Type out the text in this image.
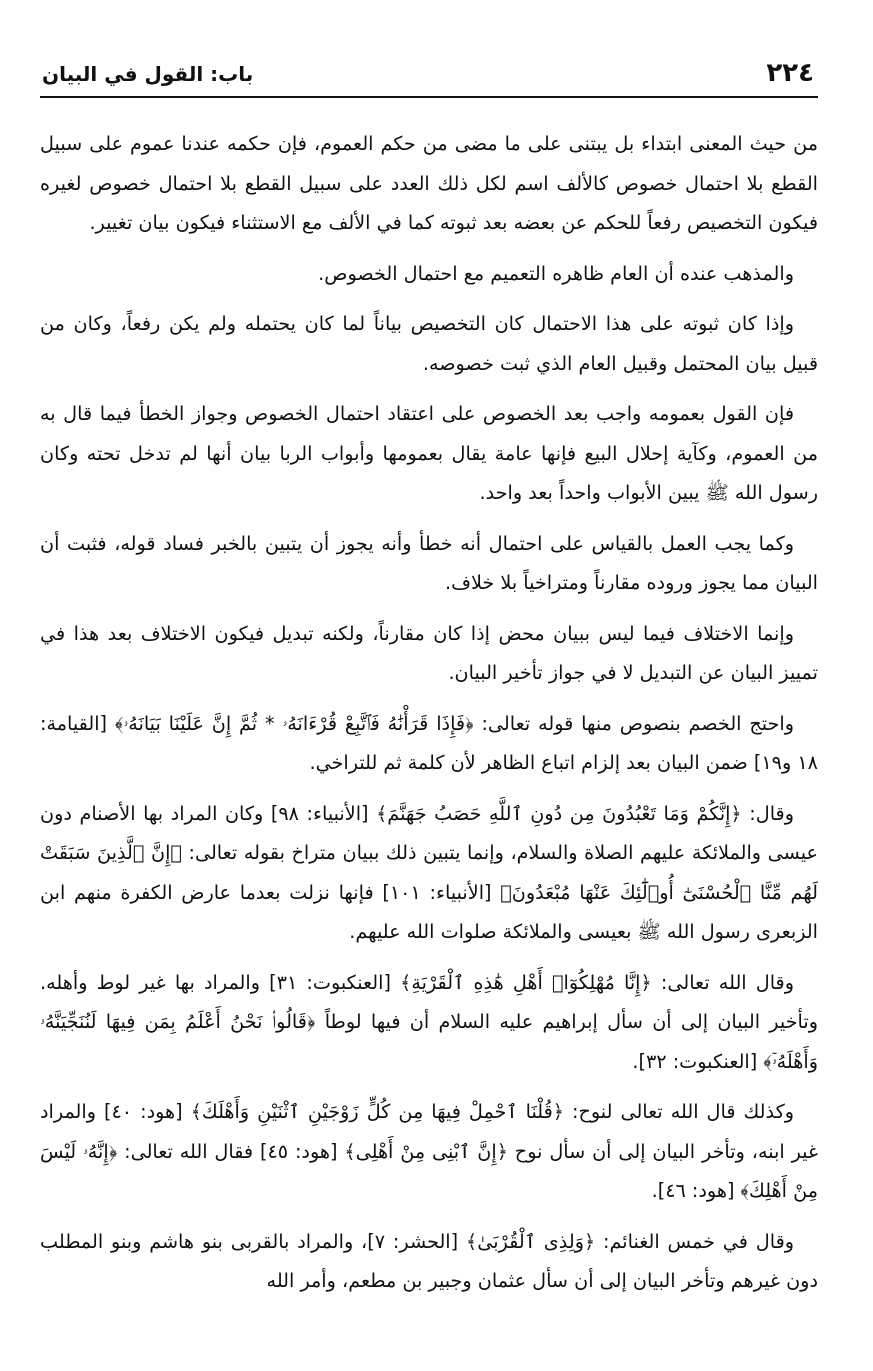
٢٢٤
باب: القول في البيان

من حيث المعنى ابتداء بل يبتنى على ما مضى من حكم العموم، فإن حكمه عندنا عموم على سبيل القطع بلا احتمال خصوص كالألف اسم لكل ذلك العدد على سبيل القطع بلا احتمال خصوص لغيره فيكون التخصيص رفعاً للحكم عن بعضه بعد ثبوته كما في الألف مع الاستثناء فيكون بيان تغيير.

والمذهب عنده أن العام ظاهره التعميم مع احتمال الخصوص.

وإذا كان ثبوته على هذا الاحتمال كان التخصيص بياناً لما كان يحتمله ولم يكن رفعاً، وكان من قبيل بيان المحتمل وقبيل العام الذي ثبت خصوصه.

فإن القول بعمومه واجب بعد الخصوص على اعتقاد احتمال الخصوص وجواز الخطأ فيما قال به من العموم، وكآية إحلال البيع فإنها عامة يقال بعمومها وأبواب الربا بيان أنها لم تدخل تحته وكان رسول الله ﷺ يبين الأبواب واحداً بعد واحد.

وكما يجب العمل بالقياس على احتمال أنه خطأ وأنه يجوز أن يتبين بالخبر فساد قوله، فثبت أن البيان مما يجوز وروده مقارناً ومتراخياً بلا خلاف.

وإنما الاختلاف فيما ليس ببيان محض إذا كان مقارناً، ولكنه تبديل فيكون الاختلاف بعد هذا في تمييز البيان عن التبديل لا في جواز تأخير البيان.

واحتج الخصم بنصوص منها قوله تعالى: ﴿فَإِذَا قَرَأْنَٰهُ فَٱتَّبِعْ قُرْءَانَهُۥ * ثُمَّ إِنَّ عَلَيْنَا بَيَانَهُۥ﴾ [القيامة: ١٨ و١٩] ضمن البيان بعد إلزام اتباع الظاهر لأن كلمة ثم للتراخي.

وقال: ﴿إِنَّكُمْ وَمَا تَعْبُدُونَ مِن دُونِ ٱللَّهِ حَصَبُ جَهَنَّمَ﴾ [الأنبياء: ٩٨] وكان المراد بها الأصنام دون عيسى والملائكة عليهم الصلاة والسلام، وإنما يتبين ذلك ببيان متراخ بقوله تعالى: ﴿إِنَّ ٱلَّذِينَ سَبَقَتْ لَهُم مِّنَّا ٱلْحُسْنَىٰٓ أُو۟لَٰٓئِكَ عَنْهَا مُبْعَدُونَ﴾ [الأنبياء: ١٠١] فإنها نزلت بعدما عارض الكفرة منهم ابن الزبعرى رسول الله ﷺ بعيسى والملائكة صلوات الله عليهم.

وقال الله تعالى: ﴿إِنَّا مُهْلِكُوٓا۟ أَهْلِ هَٰذِهِ ٱلْقَرْيَةِ﴾ [العنكبوت: ٣١] والمراد بها غير لوط وأهله. وتأخير البيان إلى أن سأل إبراهيم عليه السلام أن فيها لوطاً ﴿قَالُوا۟ نَحْنُ أَعْلَمُ بِمَن فِيهَا لَنُنَجِّيَنَّهُۥ وَأَهْلَهُۥٓ﴾ [العنكبوت: ٣٢].

وكذلك قال الله تعالى لنوح: ﴿قُلْنَا ٱحْمِلْ فِيهَا مِن كُلٍّ زَوْجَيْنِ ٱثْنَيْنِ وَأَهْلَكَ﴾ [هود: ٤٠] والمراد غير ابنه، وتأخر البيان إلى أن سأل نوح ﴿إِنَّ ٱبْنِى مِنْ أَهْلِى﴾ [هود: ٤٥] فقال الله تعالى: ﴿إِنَّهُۥ لَيْسَ مِنْ أَهْلِكَ﴾ [هود: ٤٦].

وقال في خمس الغنائم: ﴿وَلِذِى ٱلْقُرْبَىٰ﴾ [الحشر: ٧]، والمراد بالقربى بنو هاشم وبنو المطلب دون غيرهم وتأخر البيان إلى أن سأل عثمان وجبير بن مطعم، وأمر الله
